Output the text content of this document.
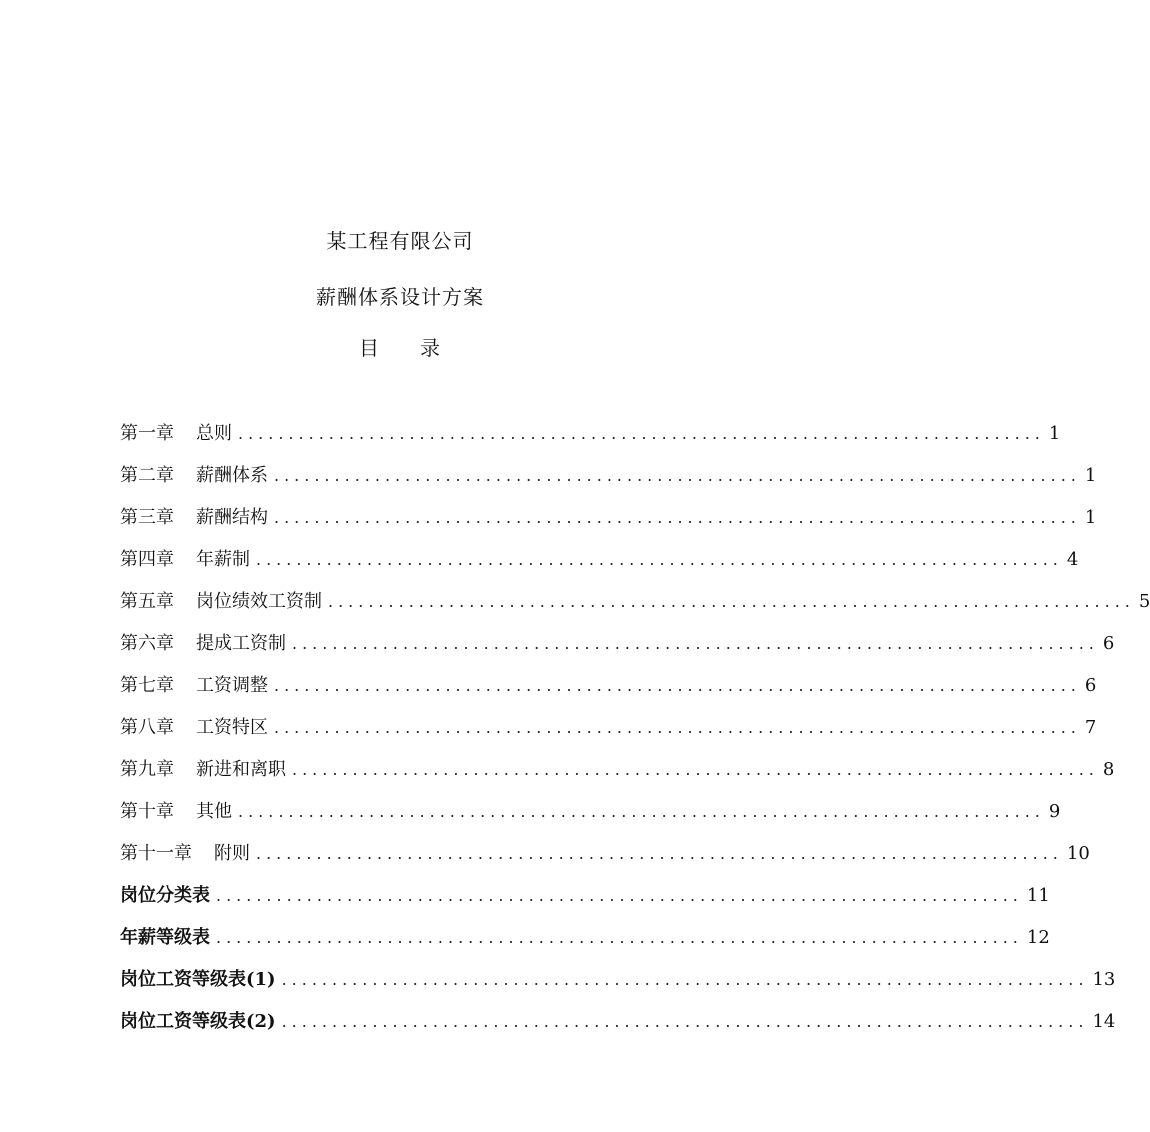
某工程有限公司
薪酬体系设计方案
目 录
第一章 总则 ................................................................................ 1
第二章 薪酬体系 ................................................................................ 1
第三章 薪酬结构 ................................................................................ 1
第四章 年薪制 ................................................................................ 4
第五章 岗位绩效工资制 ................................................................................ 5
第六章 提成工资制 ................................................................................ 6
第七章 工资调整 ................................................................................ 6
第八章 工资特区 ................................................................................ 7
第九章 新进和离职 ................................................................................ 8
第十章 其他 ................................................................................ 9
第十一章 附则 ................................................................................ 10
岗位分类表 ................................................................................ 11
年薪等级表 ................................................................................ 12
岗位工资等级表(1) ................................................................................ 13
岗位工资等级表(2) ................................................................................ 14
